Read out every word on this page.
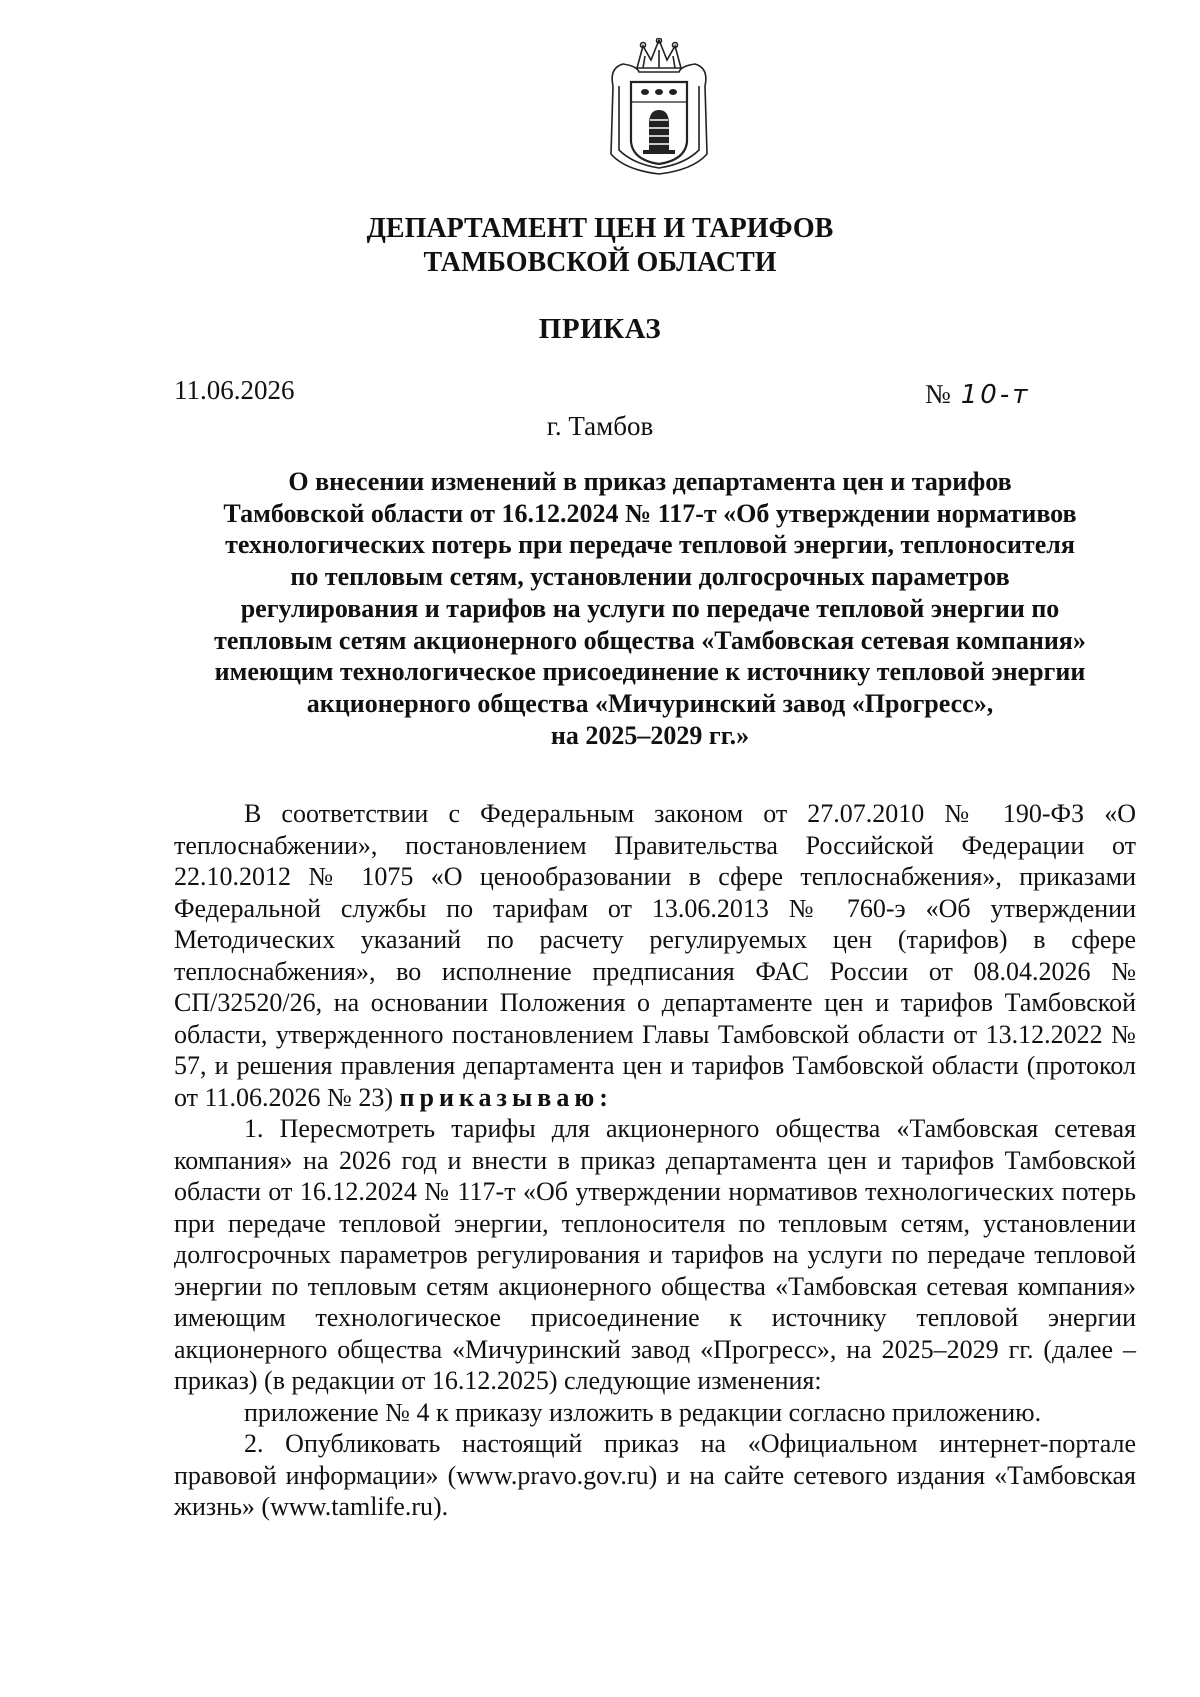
ДЕПАРТАМЕНТ ЦЕН И ТАРИФОВ
ТАМБОВСКОЙ ОБЛАСТИ
ПРИКАЗ
11.06.2026	№ 10-т
г. Тамбов
О внесении изменений в приказ департамента цен и тарифов
Тамбовской области от 16.12.2024 № 117-т «Об утверждении нормативов
технологических потерь при передаче тепловой энергии, теплоносителя
по тепловым сетям, установлении долгосрочных параметров
регулирования и тарифов на услуги по передаче тепловой энергии по
тепловым сетям акционерного общества «Тамбовская сетевая компания»
имеющим технологическое присоединение к источнику тепловой энергии
акционерного общества «Мичуринский завод «Прогресс»,
на 2025–2029 гг.»

В соответствии с Федеральным законом от 27.07.2010 № 190-ФЗ «О теплоснабжении», постановлением Правительства Российской Федерации от 22.10.2012 № 1075 «О ценообразовании в сфере теплоснабжения», приказами Федеральной службы по тарифам от 13.06.2013 № 760-э «Об утверждении Методических указаний по расчету регулируемых цен (тарифов) в сфере теплоснабжения», во исполнение предписания ФАС России от 08.04.2026 № СП/32520/26, на основании Положения о департаменте цен и тарифов Тамбовской области, утвержденного постановлением Главы Тамбовской области от 13.12.2022 № 57, и решения правления департамента цен и тарифов Тамбовской области (протокол от 11.06.2026 № 23) приказываю:

1. Пересмотреть тарифы для акционерного общества «Тамбовская сетевая компания» на 2026 год и внести в приказ департамента цен и тарифов Тамбовской области от 16.12.2024 № 117-т «Об утверждении нормативов технологических потерь при передаче тепловой энергии, теплоносителя по тепловым сетям, установлении долгосрочных параметров регулирования и тарифов на услуги по передаче тепловой энергии по тепловым сетям акционерного общества «Тамбовская сетевая компания» имеющим технологическое присоединение к источнику тепловой энергии акционерного общества «Мичуринский завод «Прогресс», на 2025–2029 гг. (далее – приказ) (в редакции от 16.12.2025) следующие изменения:

приложение № 4 к приказу изложить в редакции согласно приложению.

2. Опубликовать настоящий приказ на «Официальном интернет-портале правовой информации» (www.pravo.gov.ru) и на сайте сетевого издания «Тамбовская жизнь» (www.tamlife.ru).
